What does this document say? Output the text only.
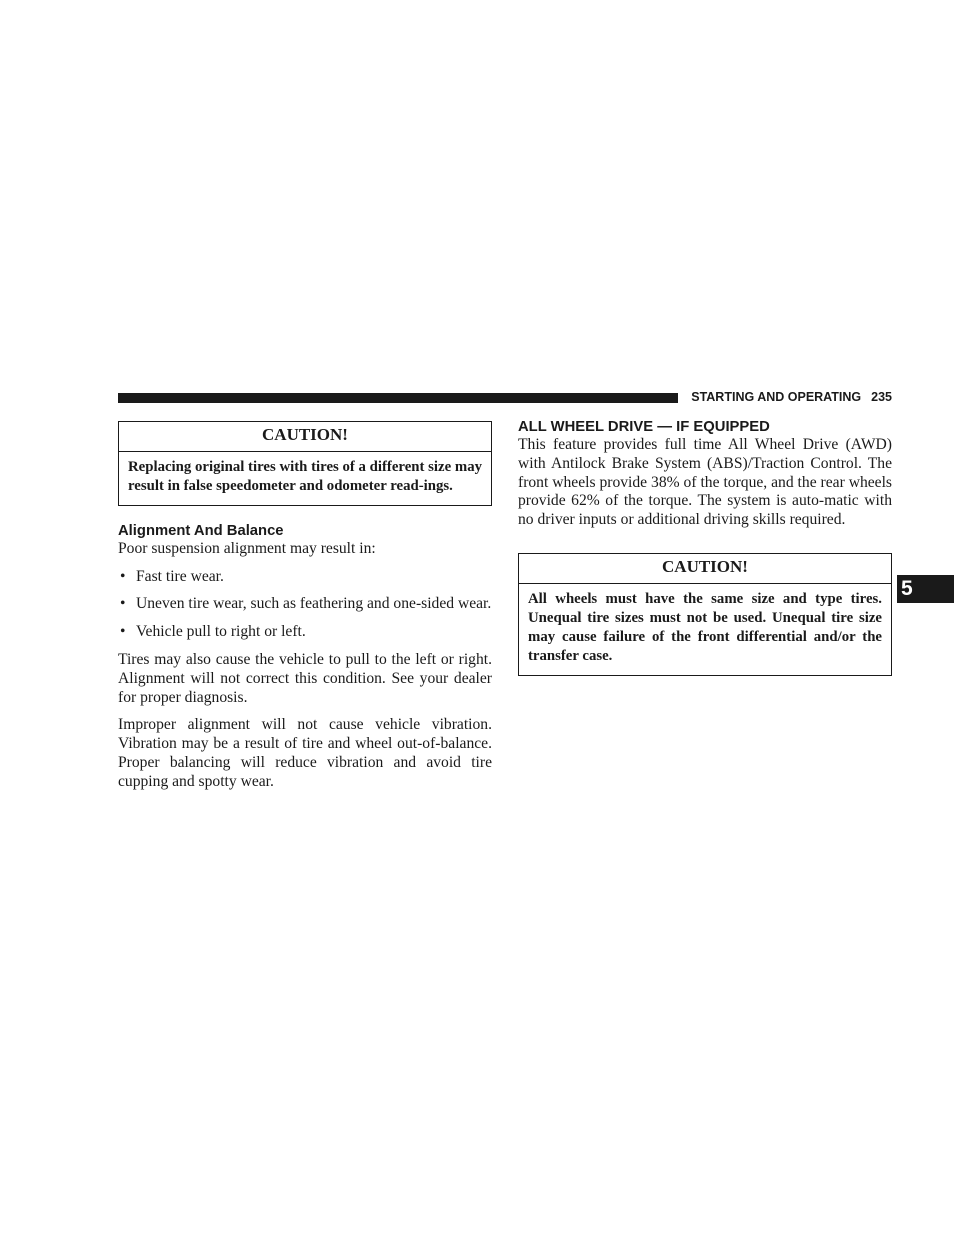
STARTING AND OPERATING 235
CAUTION!
Replacing original tires with tires of a different size may result in false speedometer and odometer read-ings.
Alignment And Balance

Poor suspension alignment may result in:

• Fast tire wear.
• Uneven tire wear, such as feathering and one-sided wear.
• Vehicle pull to right or left.

Tires may also cause the vehicle to pull to the left or right. Alignment will not correct this condition. See your dealer for proper diagnosis.

Improper alignment will not cause vehicle vibration. Vibration may be a result of tire and wheel out-of-balance. Proper balancing will reduce vibration and avoid tire cupping and spotty wear.

ALL WHEEL DRIVE — IF EQUIPPED

This feature provides full time All Wheel Drive (AWD) with Antilock Brake System (ABS)/Traction Control. The front wheels provide 38% of the torque, and the rear wheels provide 62% of the torque. The system is auto-matic with no driver inputs or additional driving skills required.

CAUTION!
All wheels must have the same size and type tires. Unequal tire sizes must not be used. Unequal tire size may cause failure of the front differential and/or the transfer case.
5
